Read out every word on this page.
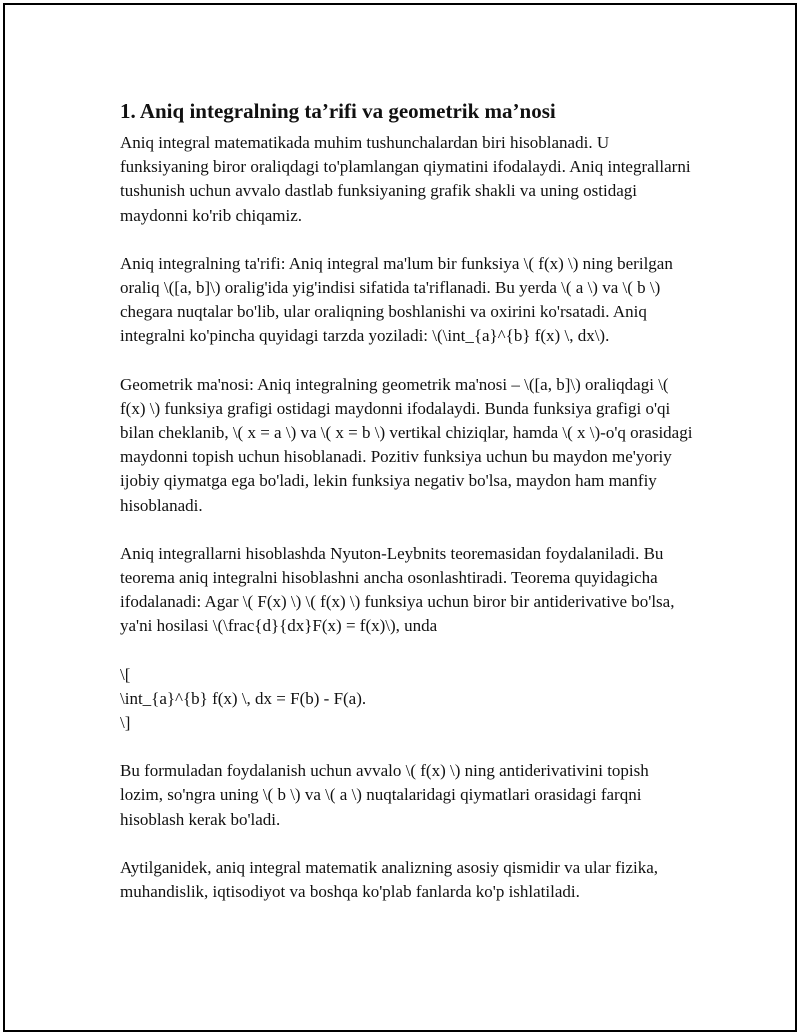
1. Aniq integralning ta’rifi va geometrik ma’nosi

Aniq integral matematikada muhim tushunchalardan biri hisoblanadi. U funksiyaning biror oraliqdagi to'plamlangan qiymatini ifodalaydi. Aniq integrallarni tushunish uchun avvalo dastlab funksiyaning grafik shakli va uning ostidagi maydonni ko'rib chiqamiz.

Aniq integralning ta'rifi: Aniq integral ma'lum bir funksiya \( f(x) \) ning berilgan oraliq \([a, b]\) oralig'ida yig'indisi sifatida ta'riflanadi. Bu yerda \( a \) va \( b \) chegara nuqtalar bo'lib, ular oraliqning boshlanishi va oxirini ko'rsatadi. Aniq integralni ko'pincha quyidagi tarzda yoziladi: \(\int_{a}^{b} f(x) \, dx\).

Geometrik ma'nosi: Aniq integralning geometrik ma'nosi – \([a, b]\) oraliqdagi \( f(x) \) funksiya grafigi ostidagi maydonni ifodalaydi. Bunda funksiya grafigi o'qi bilan cheklanib, \( x = a \) va \( x = b \) vertikal chiziqlar, hamda \( x \)-o'q orasidagi maydonni topish uchun hisoblanadi. Pozitiv funksiya uchun bu maydon me'yoriy ijobiy qiymatga ega bo'ladi, lekin funksiya negativ bo'lsa, maydon ham manfiy hisoblanadi.

Aniq integrallarni hisoblashda Nyuton-Leybnits teoremasidan foydalaniladi. Bu teorema aniq integralni hisoblashni ancha osonlashtiradi. Teorema quyidagicha ifodalanadi: Agar \( F(x) \) \( f(x) \) funksiya uchun biror bir antiderivative bo'lsa, ya'ni hosilasi \(\frac{d}{dx}F(x) = f(x)\), unda

\[
\int_{a}^{b} f(x) \, dx = F(b) - F(a).
\]

Bu formuladan foydalanish uchun avvalo \( f(x) \) ning antiderivativini topish lozim, so'ngra uning \( b \) va \( a \) nuqtalaridagi qiymatlari orasidagi farqni hisoblash kerak bo'ladi.

Aytilganidek, aniq integral matematik analizning asosiy qismidir va ular fizika, muhandislik, iqtisodiyot va boshqa ko'plab fanlarda ko'p ishlatiladi.
